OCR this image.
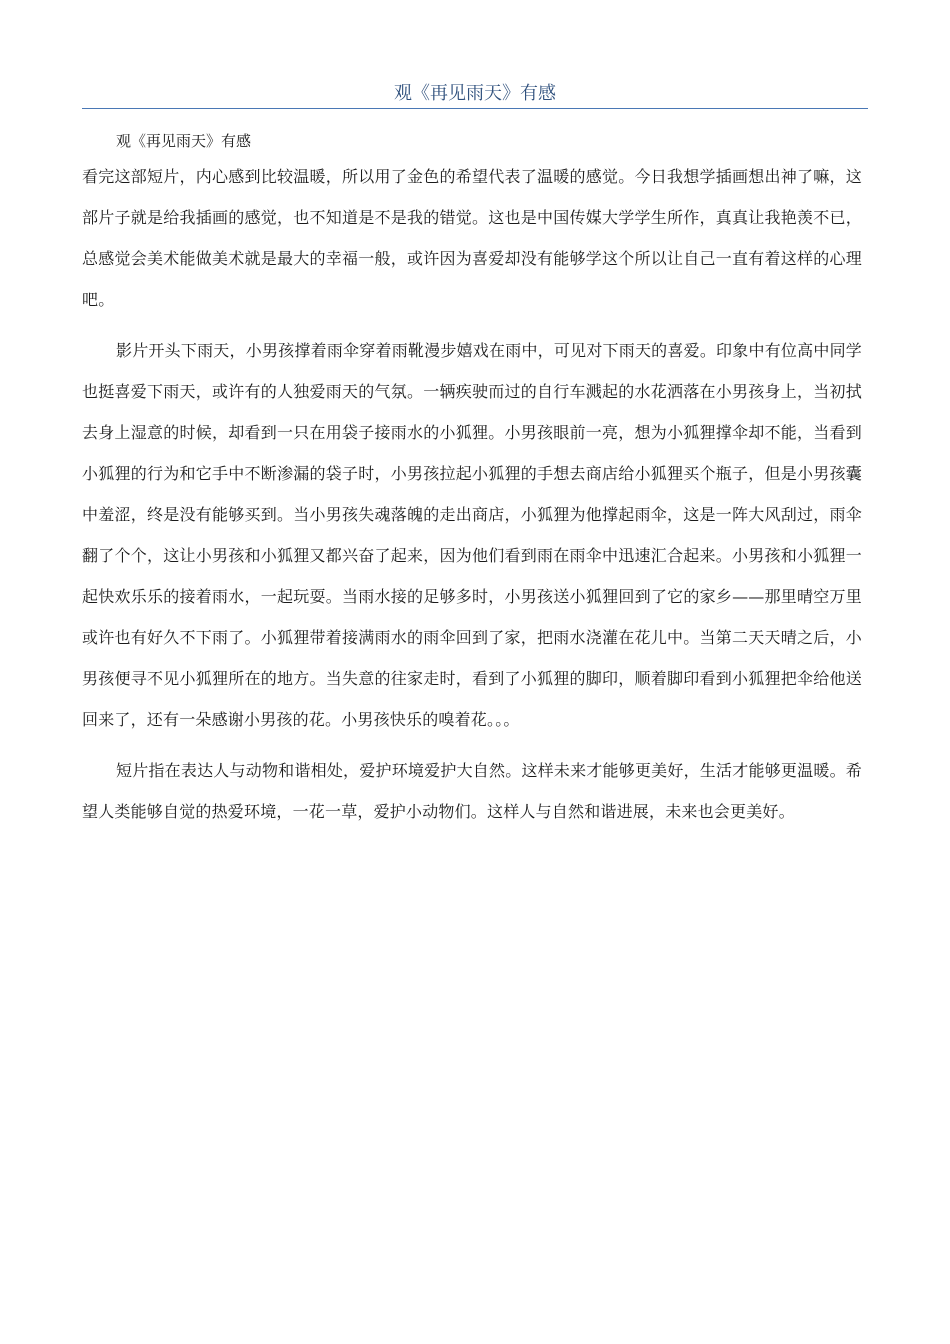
观《再见雨天》有感

观《再见雨天》有感

看完这部短片，内心感到比较温暖，所以用了金色的希望代表了温暖的感觉。今日我想学插画想出神了嘛，这部片子就是给我插画的感觉，也不知道是不是我的错觉。这也是中国传媒大学学生所作，真真让我艳羡不已，总感觉会美术能做美术就是最大的幸福一般，或许因为喜爱却没有能够学这个所以让自己一直有着这样的心理吧。

影片开头下雨天，小男孩撑着雨伞穿着雨靴漫步嬉戏在雨中，可见对下雨天的喜爱。印象中有位高中同学也挺喜爱下雨天，或许有的人独爱雨天的气氛。一辆疾驶而过的自行车溅起的水花洒落在小男孩身上，当初拭去身上湿意的时候，却看到一只在用袋子接雨水的小狐狸。小男孩眼前一亮，想为小狐狸撑伞却不能，当看到小狐狸的行为和它手中不断渗漏的袋子时，小男孩拉起小狐狸的手想去商店给小狐狸买个瓶子，但是小男孩囊中羞涩，终是没有能够买到。当小男孩失魂落魄的走出商店，小狐狸为他撑起雨伞，这是一阵大风刮过，雨伞翻了个个，这让小男孩和小狐狸又都兴奋了起来，因为他们看到雨在雨伞中迅速汇合起来。小男孩和小狐狸一起快欢乐乐的接着雨水，一起玩耍。当雨水接的足够多时，小男孩送小狐狸回到了它的家乡——那里晴空万里或许也有好久不下雨了。小狐狸带着接满雨水的雨伞回到了家，把雨水浇灌在花儿中。当第二天天晴之后，小男孩便寻不见小狐狸所在的地方。当失意的往家走时，看到了小狐狸的脚印，顺着脚印看到小狐狸把伞给他送回来了，还有一朵感谢小男孩的花。小男孩快乐的嗅着花。。。

短片指在表达人与动物和谐相处，爱护环境爱护大自然。这样未来才能够更美好，生活才能够更温暖。希望人类能够自觉的热爱环境，一花一草，爱护小动物们。这样人与自然和谐进展，未来也会更美好。
